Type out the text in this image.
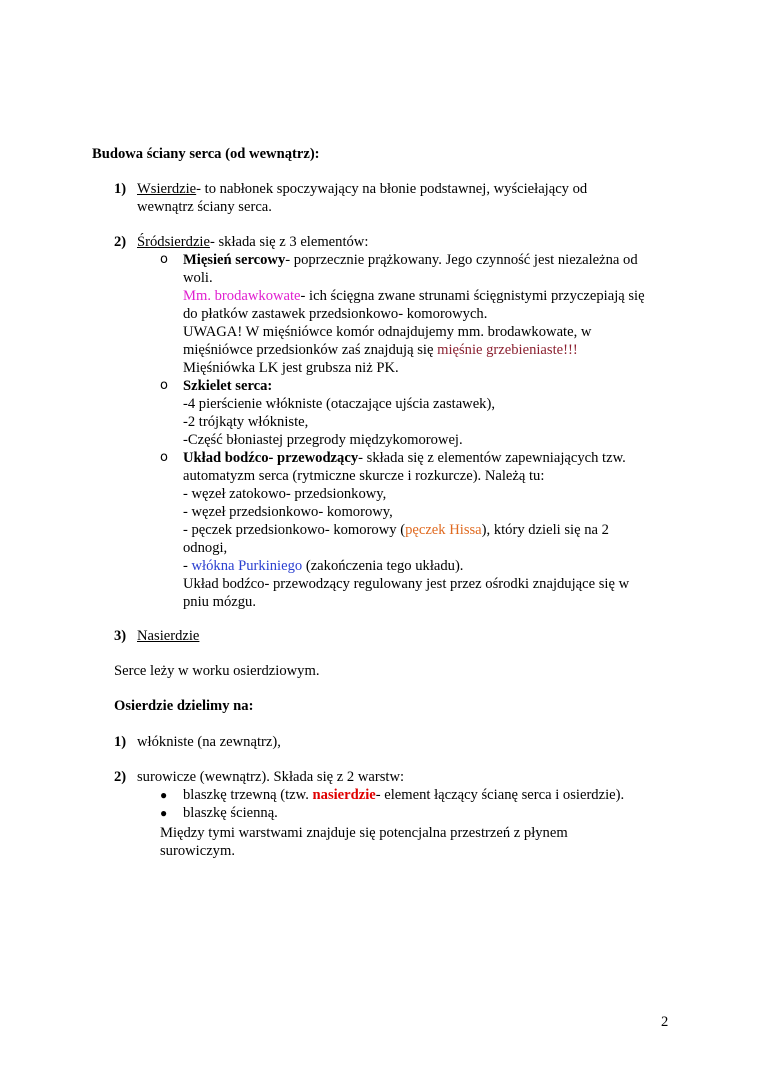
Budowa ściany serca (od wewnątrz):
1) Wsierdzie- to nabłonek spoczywający na błonie podstawnej, wyściełający od
wewnątrz ściany serca.
2) Śródsierdzie- składa się z 3 elementów:
o Mięsień sercowy- poprzecznie prążkowany. Jego czynność jest niezależna od
woli.
Mm. brodawkowate- ich ścięgna zwane strunami ścięgnistymi przyczepiają się
do płatków zastawek przedsionkowo- komorowych.
UWAGA! W mięśniówce komór odnajdujemy mm. brodawkowate, w
mięśniówce przedsionków zaś znajdują się mięśnie grzebieniaste!!!
Mięśniówka LK jest grubsza niż PK.
o Szkielet serca:
-4 pierścienie włókniste (otaczające ujścia zastawek),
-2 trójkąty włókniste,
-Część błoniastej przegrody międzykomorowej.
o Układ bodźco- przewodzący- składa się z elementów zapewniających tzw.
automatyzm serca (rytmiczne skurcze i rozkurcze). Należą tu:
- węzeł zatokowo- przedsionkowy,
- węzeł przedsionkowo- komorowy,
- pęczek przedsionkowo- komorowy (pęczek Hissa), który dzieli się na 2
odnogi,
- włókna Purkiniego (zakończenia tego układu).
Układ bodźco- przewodzący regulowany jest przez ośrodki znajdujące się w
pniu mózgu.
3) Nasierdzie
Serce leży w worku osierdziowym.
Osierdzie dzielimy na:
1) włókniste (na zewnątrz),
2) surowicze (wewnątrz). Składa się z 2 warstw:
● blaszkę trzewną (tzw. nasierdzie- element łączący ścianę serca i osierdzie).
● blaszkę ścienną.
Między tymi warstwami znajduje się potencjalna przestrzeń z płynem
surowiczym.
2
